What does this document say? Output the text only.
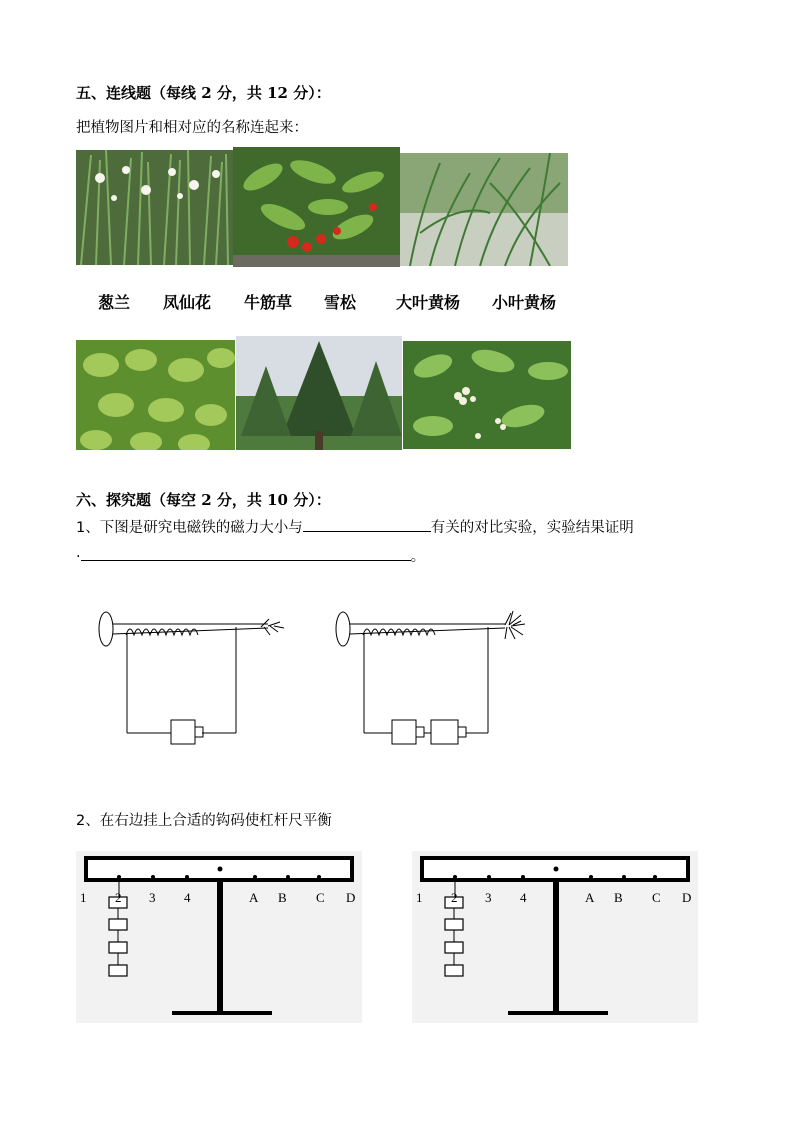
五、连线题（每线 2 分，共 12 分）：
把植物图片和相对应的名称连起来：
葱兰 凤仙花 牛筋草 雪松 大叶黄杨 小叶黄杨
六、探究题（每空 2 分，共 10 分）：
1、下图是研究电磁铁的磁力大小与	有关的对比实验，实验结果证明
·	。
2、在右边挂上合适的钩码使杠杆尺平衡
1 2 3 4	A B C D	1 2 3 4	A B C D
